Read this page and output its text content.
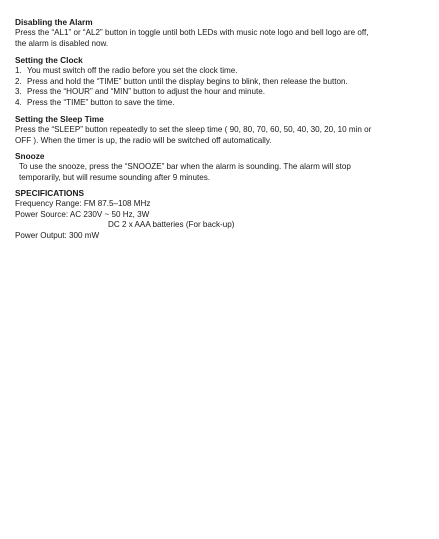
Disabling the Alarm

Press the “AL1” or “AL2” button in toggle until both LEDs with music note logo and bell logo are off,

the alarm is disabled now.

Setting the Clock

1. You must switch off the radio before you set the clock time.
2. Press and hold the “TIME” button until the display begins to blink, then release the button.
3. Press the “HOUR” and “MIN” button to adjust the hour and minute.
4. Press the “TIME” button to save the time.

Setting the Sleep Time

Press the “SLEEP” button repeatedly to set the sleep time ( 90, 80, 70, 60, 50, 40, 30, 20, 10 min or

OFF ). When the timer is up, the radio will be switched off automatically.

Snooze

To use the snooze, press the “SNOOZE” bar when the alarm is sounding. The alarm will stop

temporarily, but will resume sounding after 9 minutes.

SPECIFICATIONS

Frequency Range: FM 87.5–108 MHz

Power Source: AC 230V ~ 50 Hz, 3W

DC 2 x AAA batteries (For back-up)

Power Output: 300 mW
